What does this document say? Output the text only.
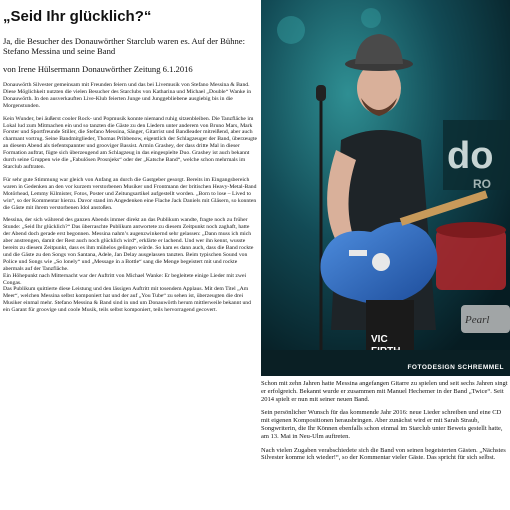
„Seid Ihr glücklich?“
Ja, die Besucher des Donauwörther Starclub waren es. Auf der Bühne: Stefano Messina und seine Band
von Irene Hülsermann Donauwörther Zeitung 6.1.2016
Donauwörth Silvester gemeinsam mit Freunden feiern und das bei Livemusik von Stefano Messina & Band. Diese Möglichkeit nutzten die vielen Besucher des Starclubs von Katharina und Michael „Double“ Wanke in Donauwörth. In den ausverkauften Live-Klub feierten Junge und Junggebliebene ausgiebig bis in die Morgenstunden.
Kein Wunder, bei äußerst cooler Rock- und Popmusik konnte niemand ruhig sitzenbleiben. Die Tanzfläche im Lokal lud zum Mitmachen ein und so tanzten die Gäste zu den Liedern unter anderem von Bruno Mars, Mark Forster und Sportfreunde Stiller, die Stefano Messina, Sänger, Gitarrist und Bandleader mitreißend, aber auch charmant vortrug. Seine Bandmitglieder, Thomas Pribbenow, eigentlich der Schlagzeuger der Band, überzeugte an diesem Abend als tiefentspannter und grooviger Bassist. Armin Grashey, der dass dritte Mal in dieser Formation auftrat, fügte sich überzeugend am Schlagzeug in das eingespielte Duo. Grashey ist auch bekannt durch seine Gruppen wie die „Fabulösen Prosnjeks“ oder der „Katsche Band“, welche schon mehrmals im Starclub auftraten.
Für sehr gute Stimmung war gleich von Anfang an durch die Gastgeber gesorgt. Bereits im Eingangsbereich waren in Gedenken an den vor kurzem verstorbenen Musiker und Frontmann der britischen Heavy-Metal-Band Motörhead, Lemmy Kilmister, Fotos, Poster und Zeitungsartikel aufgestellt worden. „Born to lose – Lived to win“, so der Kommentar hierzu. Davor stand im Angedenken eine Flache Jack Daniels mit Gläsern, so konnten die Gäste mit ihrem verstorbenen Idol anstoßen.
Messina, der sich während des ganzen Abends immer direkt an das Publikum wandte, fragte noch zu früher Stunde: „Seid Ihr glücklich?“ Das überraschte Publikum antwortete zu diesem Zeitpunkt noch zaghaft, hatte der Abend doch gerade erst begonnen. Messina nahm’s augenzwinkernd sehr gelassen: „Dann muss ich mich aber anstrengen, damit der Rest auch noch glücklich wird“, erklärte er lachend. Und wer ihn kennt, wusste bereits zu diesem Zeitpunkt, dass es ihm mühelos gelingen würde. So kam es dann auch, dass die Band rockte und die Gäste zu den Songs von Santana, Adele, Jan Delay ausgelassen tanzten. Beim typischen Sound von Police und Songs wie „So lonely“ und „Message in a Bottle“ sang die Menge begeistert mit und rockte abermals auf der Tanzfläche.
Ein Höhepunkt nach Mitternacht war der Auftritt von Michael Wanke: Er begleitete einige Lieder mit zwei Congas.
Das Publikum quittierte diese Leistung und den lässigen Auftritt mit tosendem Applaus. Mit dem Titel „Am Meer“, welchen Messina selbst komponiert hat und der auf „You Tube“ zu sehen ist, überzeugten die drei Musiker einmal mehr. Stefano Messina & Band sind in und um Donauwörth herum mittlerweile bekannt und ein Garant für groovige und coole Musik, teils selbst komponiert, teils hervorragend gecovert.
do
RO
Pearl
VIC
FOTODESIGN SCHREMMEL
Schon mit zehn Jahren hatte Messina angefangen Gitarre zu spielen und seit sechs Jahren singt er erfolgreich. Bekannt wurde er zusammen mit Manuel Hechemer in der Band „Twice“. Seit 2014 spielt er nun mit seiner neuen Band.
Sein persönlicher Wunsch für das kommende Jahr 2016: neue Lieder schreiben und eine CD mit eigenen Kompositionen herausbringen. Aber zunächst wird er mit Sarah Straub, Songwriterin, die Ihr Können ebenfalls schon einmal im Starclub unter Beweis gestellt hatte, am 13. Mai in Neu-Ulm auftreten.
Nach vielen Zugaben verabschiedete sich die Band von seinen begeisterten Gästen. „Nächstes Silvester komme ich wieder!“, so der Kommentar vieler Gäste. Das spricht für sich selbst.
